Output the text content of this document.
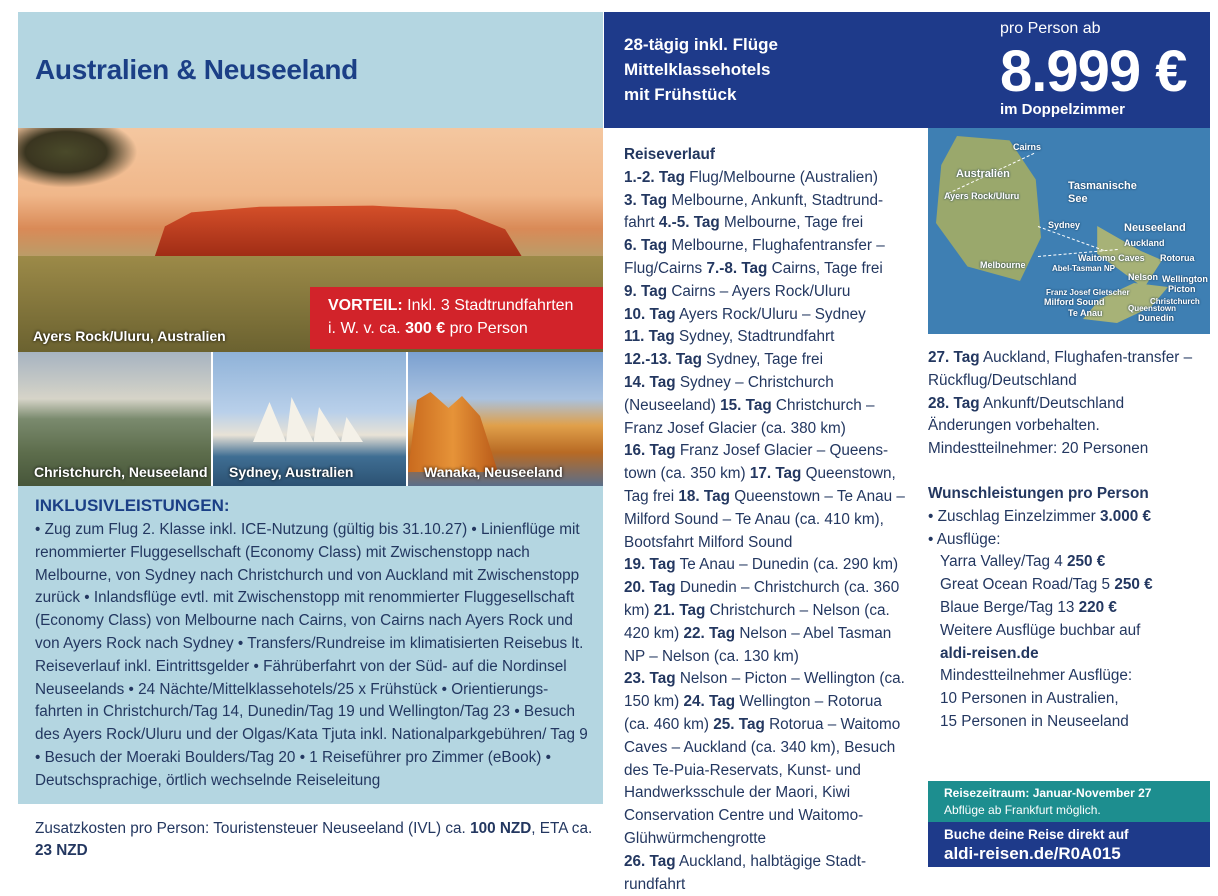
Australien & Neuseeland
Ayers Rock/Uluru, Australien
VORTEIL: Inkl. 3 Stadtrundfahrten
i. W. v. ca. 300 € pro Person
Christchurch, Neuseeland Sydney, Australien	Wanaka, Neuseeland
INKLUSIVLEISTUNGEN:

• Zug zum Flug 2. Klasse inkl. ICE-Nutzung (gültig bis 31.10.27) • Linienflüge mit renommierter Fluggesellschaft (Economy Class) mit Zwischenstopp nach Melbourne, von Sydney nach Christchurch und von Auckland mit Zwischenstopp zurück • Inlandsflüge evtl. mit Zwischenstopp mit renommierter Fluggesellschaft (Economy Class) von Melbourne nach Cairns, von Cairns nach Ayers Rock und von Ayers Rock nach Sydney • Transfers/Rundreise im klimatisierten Reisebus lt. Reiseverlauf inkl. Eintrittsgelder • Fährüberfahrt von der Süd- auf die Nordinsel Neuseelands • 24 Nächte/Mittelklassehotels/25 x Frühstück • Orientierungs-fahrten in Christchurch/Tag 14, Dunedin/Tag 19 und Wellington/Tag 23 • Besuch des Ayers Rock/Uluru und der Olgas/Kata Tjuta inkl. Nationalparkgebühren/ Tag 9 • Besuch der Moeraki Boulders/Tag 20 • 1 Reiseführer pro Zimmer (eBook) • Deutschsprachige, örtlich wechselnde Reiseleitung

Zusatzkosten pro Person: Touristensteuer Neuseeland (IVL) ca. 100 NZD, ETA ca. 23 NZD
28-tägig inkl. Flüge
Mittelklassehotels
mit Frühstück
pro Person ab
8.999 €
im Doppelzimmer
Reiseverlauf
1.-2. Tag Flug/Melbourne (Australien)
3. Tag Melbourne, Ankunft, Stadtrund-fahrt 4.-5. Tag Melbourne, Tage frei
6. Tag Melbourne, Flughafentransfer – Flug/Cairns 7.-8. Tag Cairns, Tage frei
9. Tag Cairns – Ayers Rock/Uluru
10. Tag Ayers Rock/Uluru – Sydney
11. Tag Sydney, Stadtrundfahrt
12.-13. Tag Sydney, Tage frei
14. Tag Sydney – Christchurch (Neuseeland) 15. Tag Christchurch – Franz Josef Glacier (ca. 380 km)
16. Tag Franz Josef Glacier – Queens-town (ca. 350 km) 17. Tag Queenstown, Tag frei 18. Tag Queenstown – Te Anau – Milford Sound – Te Anau (ca. 410 km), Bootsfahrt Milford Sound
19. Tag Te Anau – Dunedin (ca. 290 km) 20. Tag Dunedin – Christchurch (ca. 360 km) 21. Tag Christchurch – Nelson (ca. 420 km) 22. Tag Nelson – Abel Tasman NP – Nelson (ca. 130 km)
23. Tag Nelson – Picton – Wellington (ca. 150 km) 24. Tag Wellington – Rotorua (ca. 460 km) 25. Tag Rotorua – Waitomo Caves – Auckland (ca. 340 km), Besuch des Te-Puia-Reservats, Kunst- und Handwerksschule der Maori, Kiwi Conservation Centre und Waitomo-Glühwürmchengrotte
26. Tag Auckland, halbtägige Stadt-rundfahrt
Cairns
Australien
Ayers Rock/Uluru
Tasmanische See
Sydney
Melbourne
Neuseeland
Auckland
Waitomo Caves Rotorua
Abel-Tasman NP
Nelson Wellington
Picton
Franz Josef Gletscher
Milford Sound	Christchurch
Queenstown
Te Anau	Dunedin
27. Tag Auckland, Flughafen-transfer – Rückflug/Deutschland
28. Tag Ankunft/Deutschland
Änderungen vorbehalten.
Mindestteilnehmer: 20 Personen
Wunschleistungen pro Person
• Zuschlag Einzelzimmer 3.000 €
• Ausflüge:
Yarra Valley/Tag 4 250 €
Great Ocean Road/Tag 5 250 €
Blaue Berge/Tag 13 220 €
Weitere Ausflüge buchbar auf
aldi-reisen.de
Mindestteilnehmer Ausflüge:
10 Personen in Australien,
15 Personen in Neuseeland
Reisezeitraum: Januar-November 27
Abflüge ab Frankfurt möglich.
Buche deine Reise direkt auf
aldi-reisen.de/R0A015
